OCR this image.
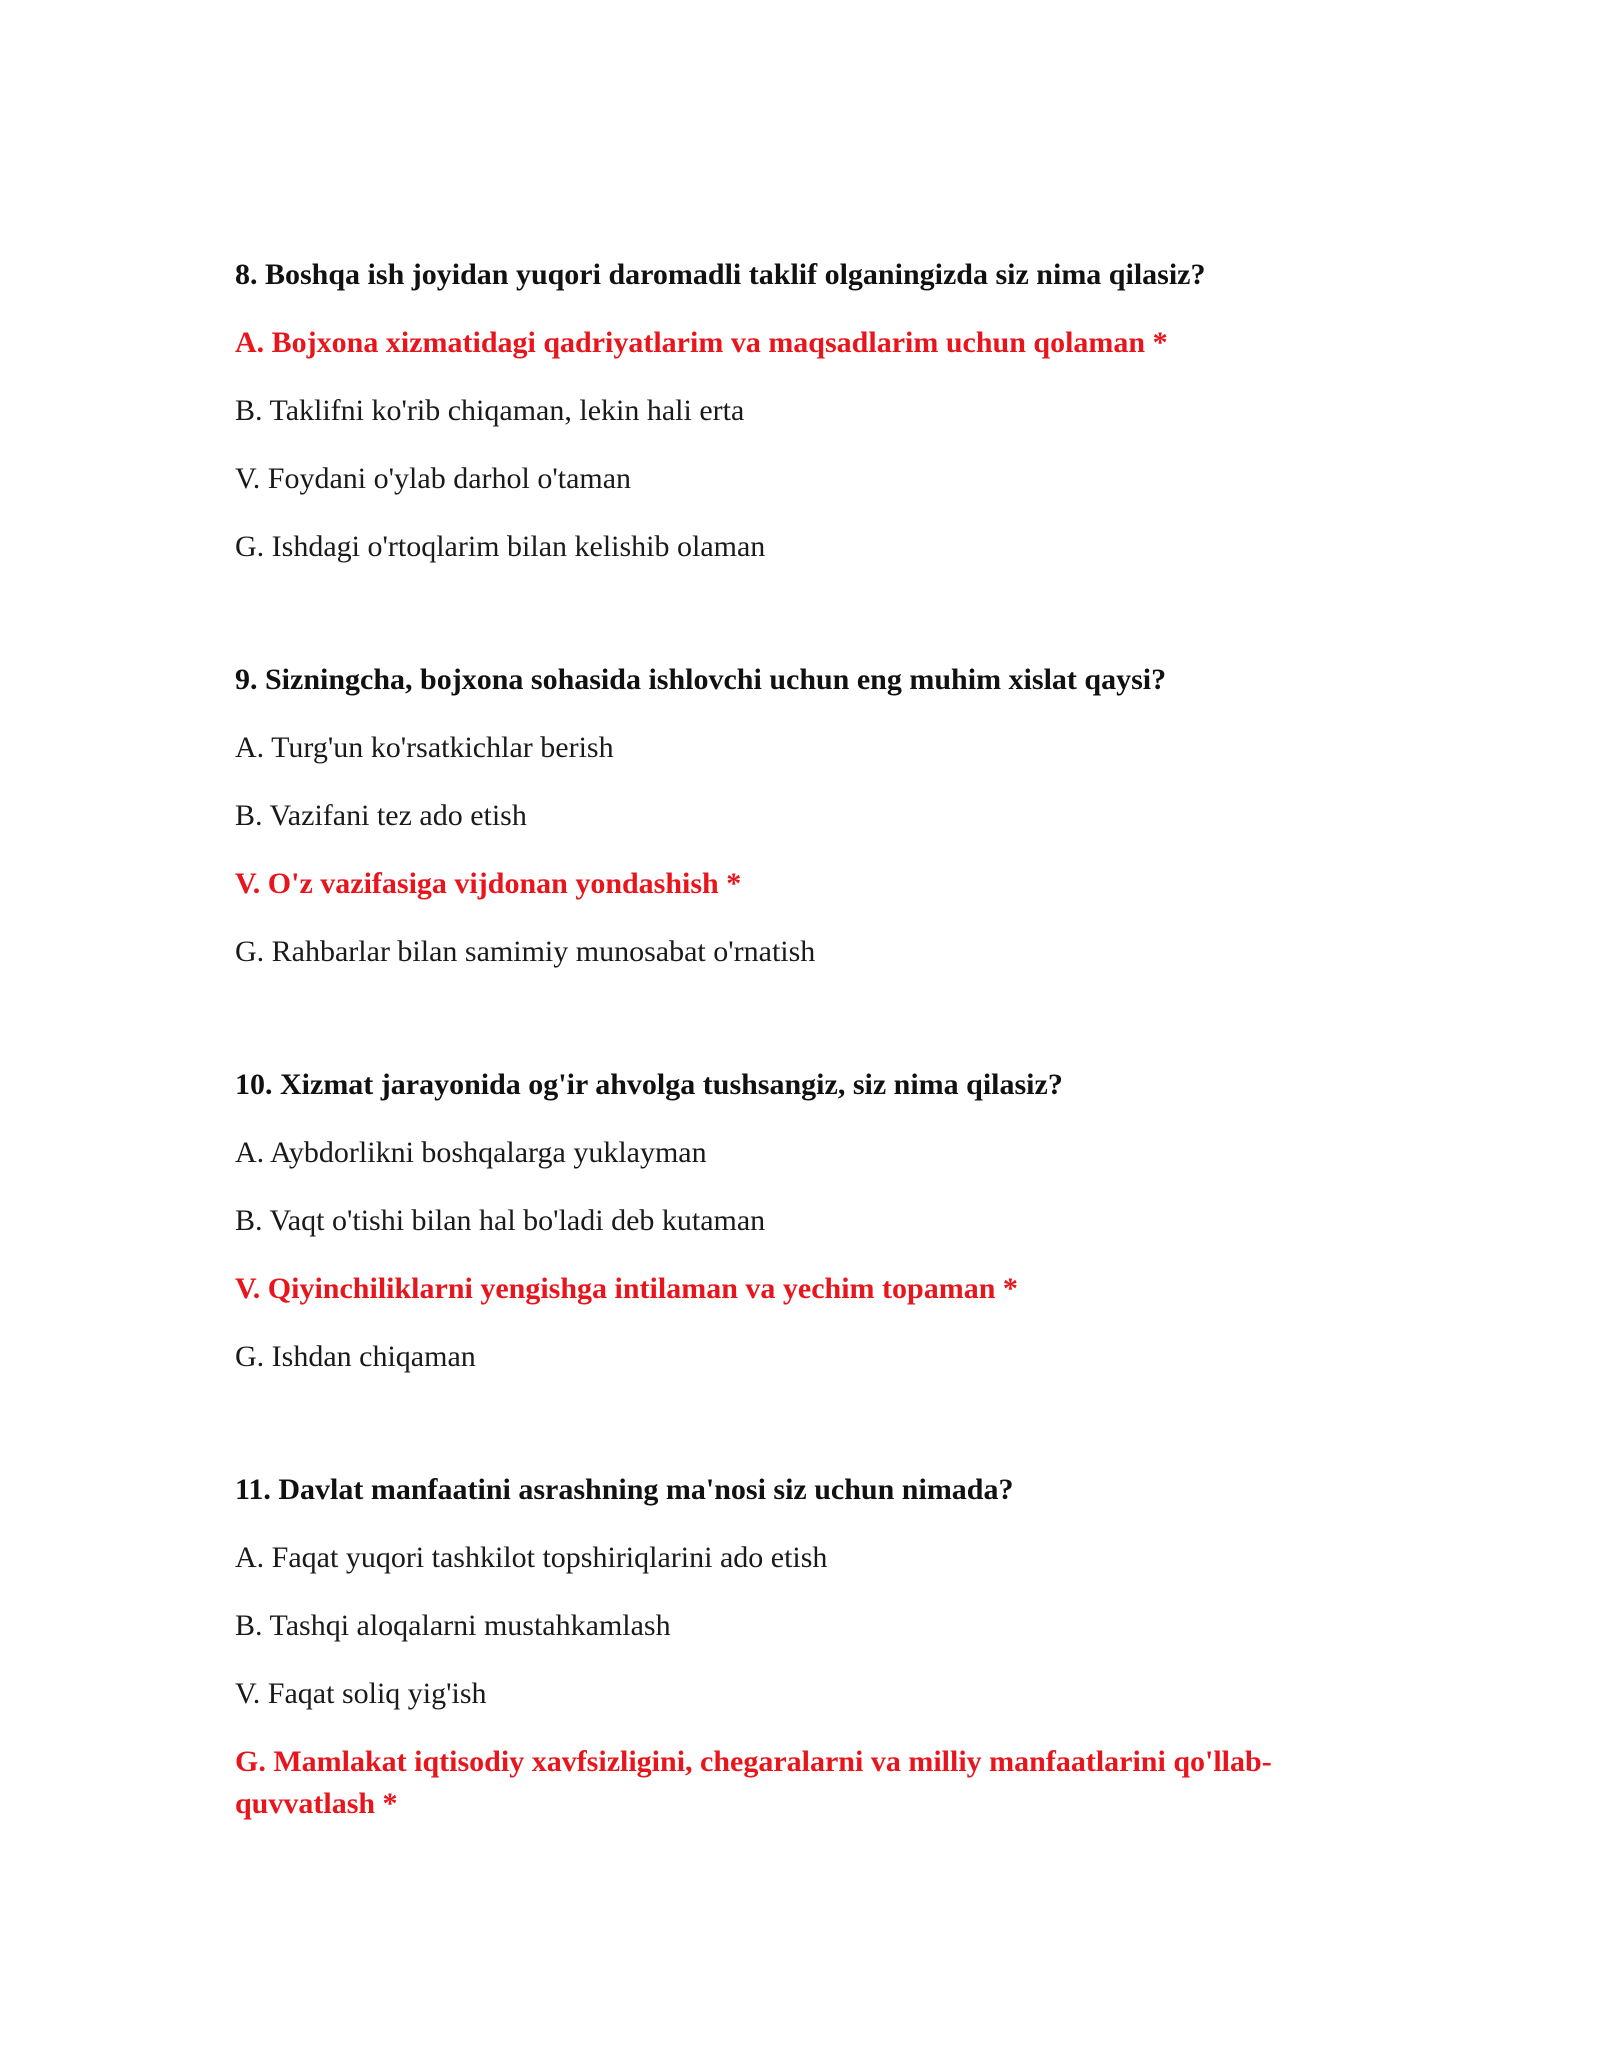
8. Boshqa ish joyidan yuqori daromadli taklif olganingizda siz nima qilasiz?

A. Bojxona xizmatidagi qadriyatlarim va maqsadlarim uchun qolaman *
B. Taklifni ko'rib chiqaman, lekin hali erta
V. Foydani o'ylab darhol o'taman
G. Ishdagi o'rtoqlarim bilan kelishib olaman

9. Sizningcha, bojxona sohasida ishlovchi uchun eng muhim xislat qaysi?

A. Turg'un ko'rsatkichlar berish
B. Vazifani tez ado etish
V. O'z vazifasiga vijdonan yondashish *
G. Rahbarlar bilan samimiy munosabat o'rnatish

10. Xizmat jarayonida og'ir ahvolga tushsangiz, siz nima qilasiz?

A. Aybdorlikni boshqalarga yuklayman
B. Vaqt o'tishi bilan hal bo'ladi deb kutaman
V. Qiyinchiliklarni yengishga intilaman va yechim topaman *
G. Ishdan chiqaman

11. Davlat manfaatini asrashning ma'nosi siz uchun nimada?

A. Faqat yuqori tashkilot topshiriqlarini ado etish
B. Tashqi aloqalarni mustahkamlash
V. Faqat soliq yig'ish
G. Mamlakat iqtisodiy xavfsizligini, chegaralarni va milliy manfaatlarini qo'llab-quvvatlash *
